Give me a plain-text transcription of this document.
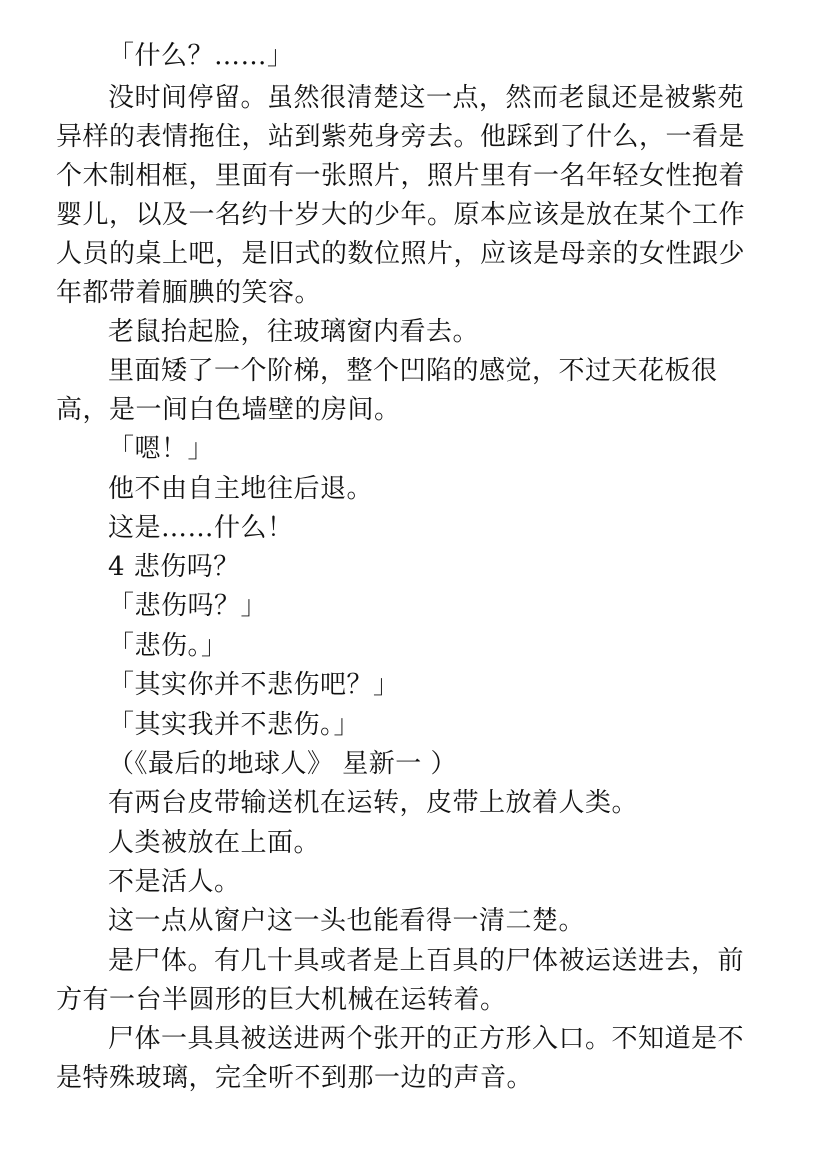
「什么？……」
没时间停留。虽然很清楚这一点，然而老鼠还是被紫苑
异样的表情拖住，站到紫苑身旁去。他踩到了什么，一看是
个木制相框，里面有一张照片，照片里有一名年轻女性抱着
婴儿，以及一名约十岁大的少年。原本应该是放在某个工作
人员的桌上吧，是旧式的数位照片，应该是母亲的女性跟少
年都带着腼腆的笑容。
老鼠抬起脸，往玻璃窗内看去。
里面矮了一个阶梯，整个凹陷的感觉，不过天花板很
高，是一间白色墙壁的房间。
「嗯！」
他不由自主地往后退。
这是……什么！
4 悲伤吗？
「悲伤吗？」
「悲伤。」
「其实你并不悲伤吧？」
「其实我并不悲伤。」
（《最后的地球人》 星新一 ）
有两台皮带输送机在运转，皮带上放着人类。
人类被放在上面。
不是活人。
这一点从窗户这一头也能看得一清二楚。
是尸体。有几十具或者是上百具的尸体被运送进去，前
方有一台半圆形的巨大机械在运转着。
尸体一具具被送进两个张开的正方形入口。不知道是不
是特殊玻璃，完全听不到那一边的声音。
